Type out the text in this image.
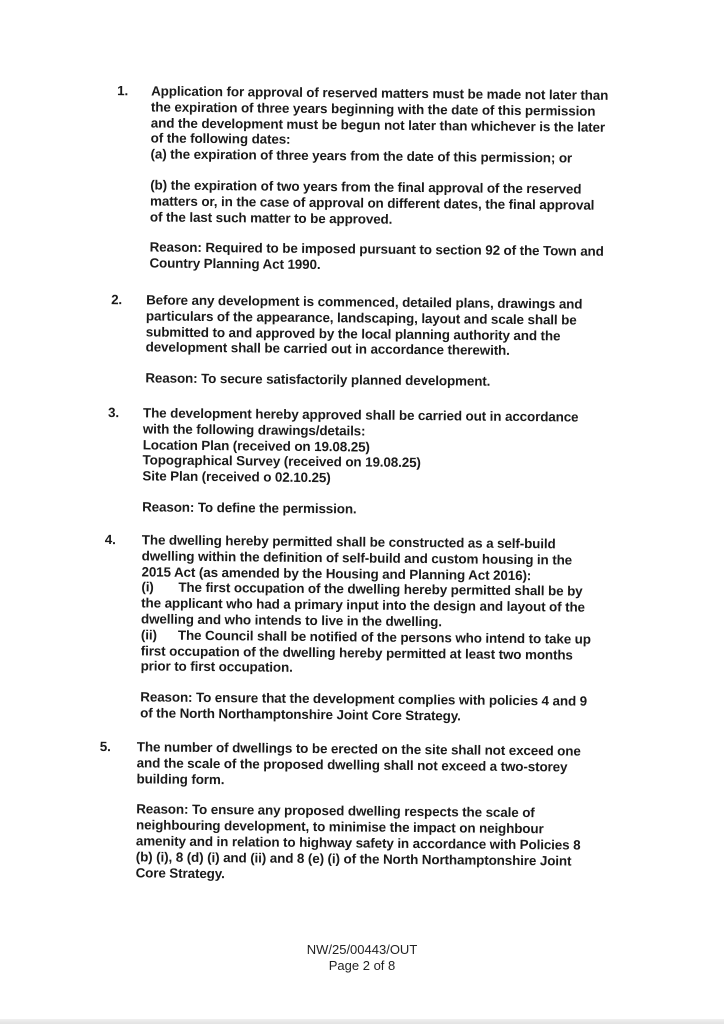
1. Application for approval of reserved matters must be made not later than
the expiration of three years beginning with the date of this permission
and the development must be begun not later than whichever is the later
of the following dates:
(a) the expiration of three years from the date of this permission; or
(b) the expiration of two years from the final approval of the reserved
matters or, in the case of approval on different dates, the final approval
of the last such matter to be approved.
Reason: Required to be imposed pursuant to section 92 of the Town and
Country Planning Act 1990.
2. Before any development is commenced, detailed plans, drawings and
particulars of the appearance, landscaping, layout and scale shall be
submitted to and approved by the local planning authority and the
development shall be carried out in accordance therewith.
Reason: To secure satisfactorily planned development.
3. The development hereby approved shall be carried out in accordance
with the following drawings/details:
Location Plan (received on 19.08.25)
Topographical Survey (received on 19.08.25)
Site Plan (received o 02.10.25)
Reason: To define the permission.
4. The dwelling hereby permitted shall be constructed as a self-build
dwelling within the definition of self-build and custom housing in the
2015 Act (as amended by the Housing and Planning Act 2016):
(i) The first occupation of the dwelling hereby permitted shall be by
the applicant who had a primary input into the design and layout of the
dwelling and who intends to live in the dwelling.
(ii) The Council shall be notified of the persons who intend to take up
first occupation of the dwelling hereby permitted at least two months
prior to first occupation.
Reason: To ensure that the development complies with policies 4 and 9
of the North Northamptonshire Joint Core Strategy.
5. The number of dwellings to be erected on the site shall not exceed one
and the scale of the proposed dwelling shall not exceed a two-storey
building form.
Reason: To ensure any proposed dwelling respects the scale of
neighbouring development, to minimise the impact on neighbour
amenity and in relation to highway safety in accordance with Policies 8
(b) (i), 8 (d) (i) and (ii) and 8 (e) (i) of the North Northamptonshire Joint
Core Strategy.
NW/25/00443/OUT
Page 2 of 8
